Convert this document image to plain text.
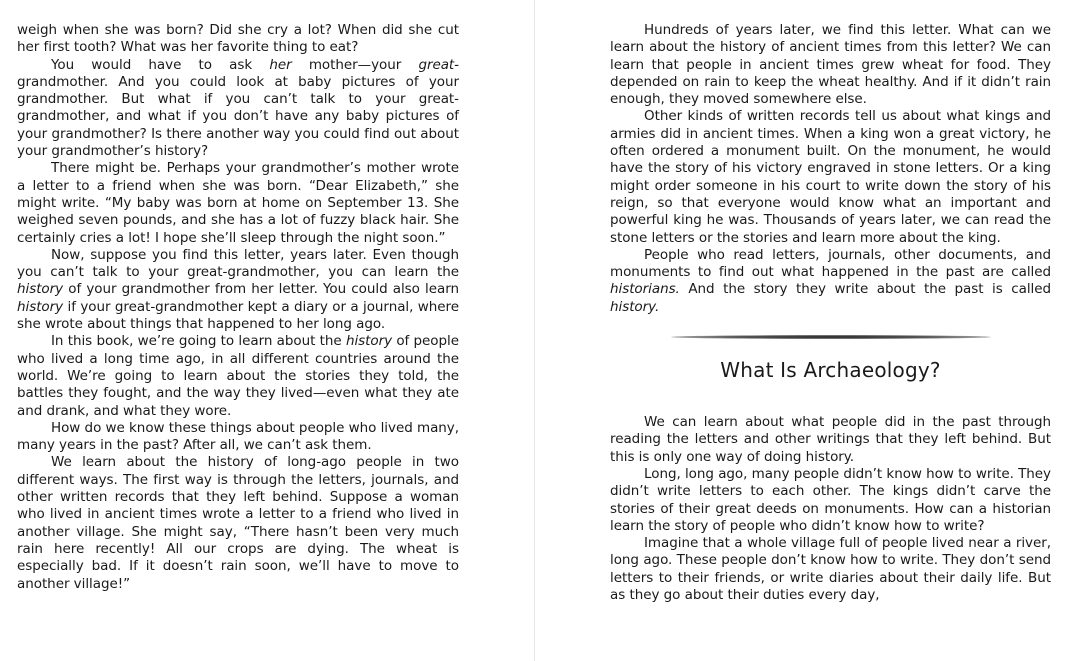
weigh when she was born? Did she cry a lot? When did she cut her first tooth? What was her favorite thing to eat?

You would have to ask her mother—your great-grandmother. And you could look at baby pictures of your grandmother. But what if you can’t talk to your great-grandmother, and what if you don’t have any baby pictures of your grandmother? Is there another way you could find out about your grandmother’s history?

There might be. Perhaps your grandmother’s mother wrote a letter to a friend when she was born. “Dear Elizabeth,” she might write. “My baby was born at home on September 13. She weighed seven pounds, and she has a lot of fuzzy black hair. She certainly cries a lot! I hope she’ll sleep through the night soon.”

Now, suppose you find this letter, years later. Even though you can’t talk to your great-grandmother, you can learn the history of your grandmother from her letter. You could also learn history if your great-grandmother kept a diary or a journal, where she wrote about things that happened to her long ago.

In this book, we’re going to learn about the history of people who lived a long time ago, in all different countries around the world. We’re going to learn about the stories they told, the battles they fought, and the way they lived—even what they ate and drank, and what they wore.

How do we know these things about people who lived many, many years in the past? After all, we can’t ask them.

We learn about the history of long-ago people in two different ways. The first way is through the letters, journals, and other written records that they left behind. Suppose a woman who lived in ancient times wrote a letter to a friend who lived in another village. She might say, “There hasn’t been very much rain here recently! All our crops are dying. The wheat is especially bad. If it doesn’t rain soon, we’ll have to move to another village!”

Hundreds of years later, we find this letter. What can we learn about the history of ancient times from this letter? We can learn that people in ancient times grew wheat for food. They depended on rain to keep the wheat healthy. And if it didn’t rain enough, they moved somewhere else.

Other kinds of written records tell us about what kings and armies did in ancient times. When a king won a great victory, he often ordered a monument built. On the monument, he would have the story of his victory engraved in stone letters. Or a king might order someone in his court to write down the story of his reign, so that everyone would know what an important and powerful king he was. Thousands of years later, we can read the stone letters or the stories and learn more about the king.

People who read letters, journals, other documents, and monuments to find out what happened in the past are called historians. And the story they write about the past is called history.

What Is Archaeology?

We can learn about what people did in the past through reading the letters and other writings that they left behind. But this is only one way of doing history.

Long, long ago, many people didn’t know how to write. They didn’t write letters to each other. The kings didn’t carve the stories of their great deeds on monuments. How can a historian learn the story of people who didn’t know how to write?

Imagine that a whole village full of people lived near a river, long ago. These people don’t know how to write. They don’t send letters to their friends, or write diaries about their daily life. But as they go about their duties every day,
